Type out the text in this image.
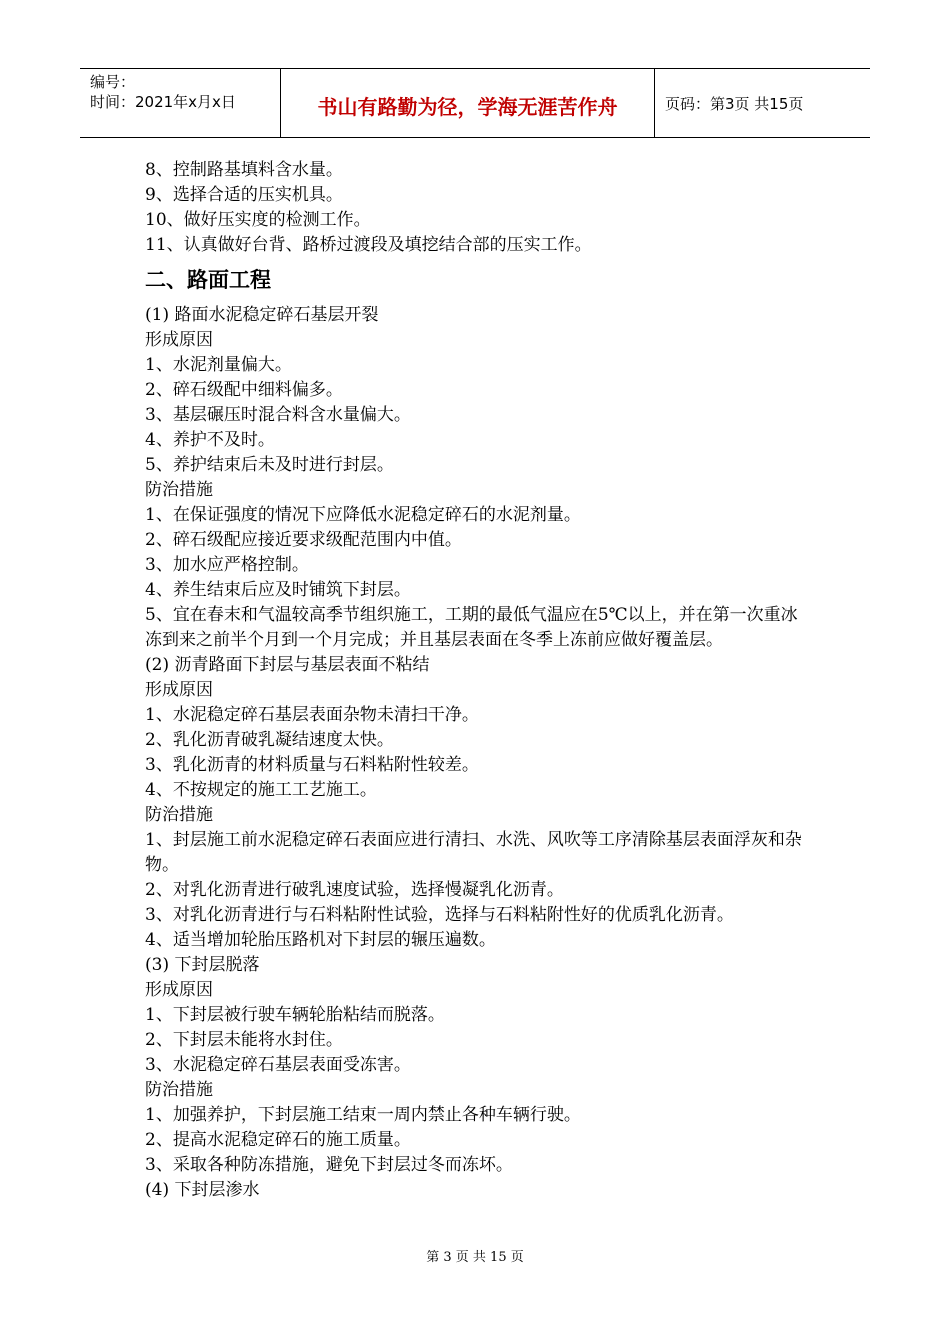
编号：
时间：2021年x月x日	书山有路勤为径，学海无涯苦作舟	页码：第3页 共15页

8、控制路基填料含水量。

9、选择合适的压实机具。

10、做好压实度的检测工作。

11、认真做好台背、路桥过渡段及填挖结合部的压实工作。

二、路面工程

(1) 路面水泥稳定碎石基层开裂

形成原因

1、水泥剂量偏大。

2、碎石级配中细料偏多。

3、基层碾压时混合料含水量偏大。

4、养护不及时。

5、养护结束后未及时进行封层。

防治措施

1、在保证强度的情况下应降低水泥稳定碎石的水泥剂量。

2、碎石级配应接近要求级配范围内中值。

3、加水应严格控制。

4、养生结束后应及时铺筑下封层。

5、宜在春末和气温较高季节组织施工，工期的最低气温应在5℃以上，并在第一次重冰冻到来之前半个月到一个月完成；并且基层表面在冬季上冻前应做好覆盖层。

(2) 沥青路面下封层与基层表面不粘结

形成原因

1、水泥稳定碎石基层表面杂物未清扫干净。

2、乳化沥青破乳凝结速度太快。

3、乳化沥青的材料质量与石料粘附性较差。

4、不按规定的施工工艺施工。

防治措施

1、封层施工前水泥稳定碎石表面应进行清扫、水洗、风吹等工序清除基层表面浮灰和杂物。

2、对乳化沥青进行破乳速度试验，选择慢凝乳化沥青。

3、对乳化沥青进行与石料粘附性试验，选择与石料粘附性好的优质乳化沥青。

4、适当增加轮胎压路机对下封层的辗压遍数。

(3) 下封层脱落

形成原因

1、下封层被行驶车辆轮胎粘结而脱落。

2、下封层未能将水封住。

3、水泥稳定碎石基层表面受冻害。

防治措施

1、加强养护，下封层施工结束一周内禁止各种车辆行驶。

2、提高水泥稳定碎石的施工质量。

3、采取各种防冻措施，避免下封层过冬而冻坏。

(4) 下封层渗水

第 3 页 共 15 页
